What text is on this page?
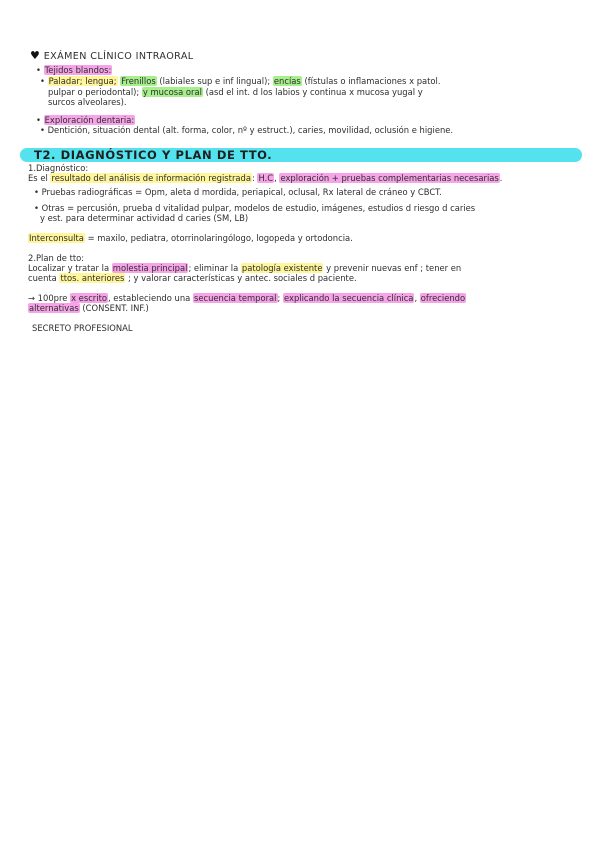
♥ EXÁMEN CLÍNICO INTRAORAL
• Tejidos blandos:
• Paladar; lengua; Frenillos (labiales sup e inf lingual); encías (fístulas o inflamaciones x patol.
pulpar o periodontal); y mucosa oral (asd el int. d los labios y continua x mucosa yugal y
surcos alveolares).
• Exploración dentaria:
• Dentición, situación dental (alt. forma, color, nº y estruct.), caries, movilidad, oclusión e higiene.
T2. DIAGNÓSTICO Y PLAN DE TTO.
1.Diagnóstico:
Es el resultado del análisis de información registrada: H.C, exploración + pruebas complementarias necesarias.
• Pruebas radiográficas = Opm, aleta d mordida, periapical, oclusal, Rx lateral de cráneo y CBCT.
• Otras = percusión, prueba d vitalidad pulpar, modelos de estudio, imágenes, estudios d riesgo d caries
y est. para determinar actividad d caries (SM, LB)
Interconsulta = maxilo, pediatra, otorrinolaringólogo, logopeda y ortodoncia.
2.Plan de tto:
Localizar y tratar la molestia principal; eliminar la patología existente y prevenir nuevas enf ; tener en
cuenta ttos. anteriores ; y valorar características y antec. sociales d paciente.
→ 100pre x escrito, estableciendo una secuencia temporal; explicando la secuencia clínica, ofreciendo
alternativas (CONSENT. INF.)
SECRETO PROFESIONAL
